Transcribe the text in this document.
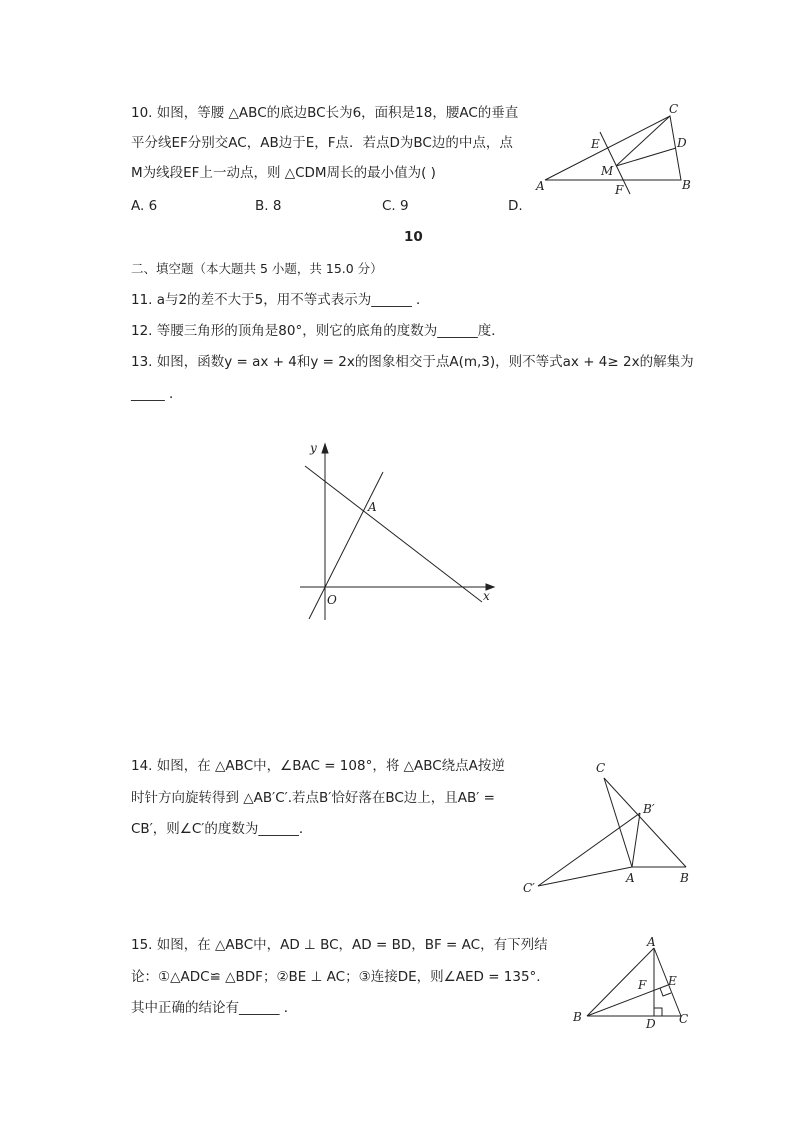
10. 如图，等腰 △ABC的底边BC长为6，面积是18，腰AC的垂直
平分线EF分别交AC，AB边于E，F点．若点D为BC边的中点，点
M为线段EF上一动点，则 △CDM周长的最小值为( )
A. 6	B. 8	C. 9	D.
10
C
D
E
M
A	F	B
二、填空题（本大题共 5 小题，共 15.0 分）
11. a与2的差不大于5，用不等式表示为______ ．
12. 等腰三角形的顶角是80°，则它的底角的度数为______度．
13. 如图，函数y = ax + 4和y = 2x的图象相交于点A(m,3)，则不等式ax + 4≥ 2x的解集为
_____ ．
y
x
O
A
14. 如图，在 △ABC中，∠BAC = 108°，将 △ABC绕点A按逆
时针方向旋转得到 △AB′C′.若点B′恰好落在BC边上，且AB′ =
CB′，则∠C′的度数为______．
C
B′
C′
A	B
15. 如图，在 △ABC中，AD ⊥ BC，AD = BD，BF = AC，有下列结
论：①△ADC≌ △BDF；②BE ⊥ AC；③连接DE，则∠AED = 135°.
其中正确的结论有______ ．
A
E
F
B	D C
